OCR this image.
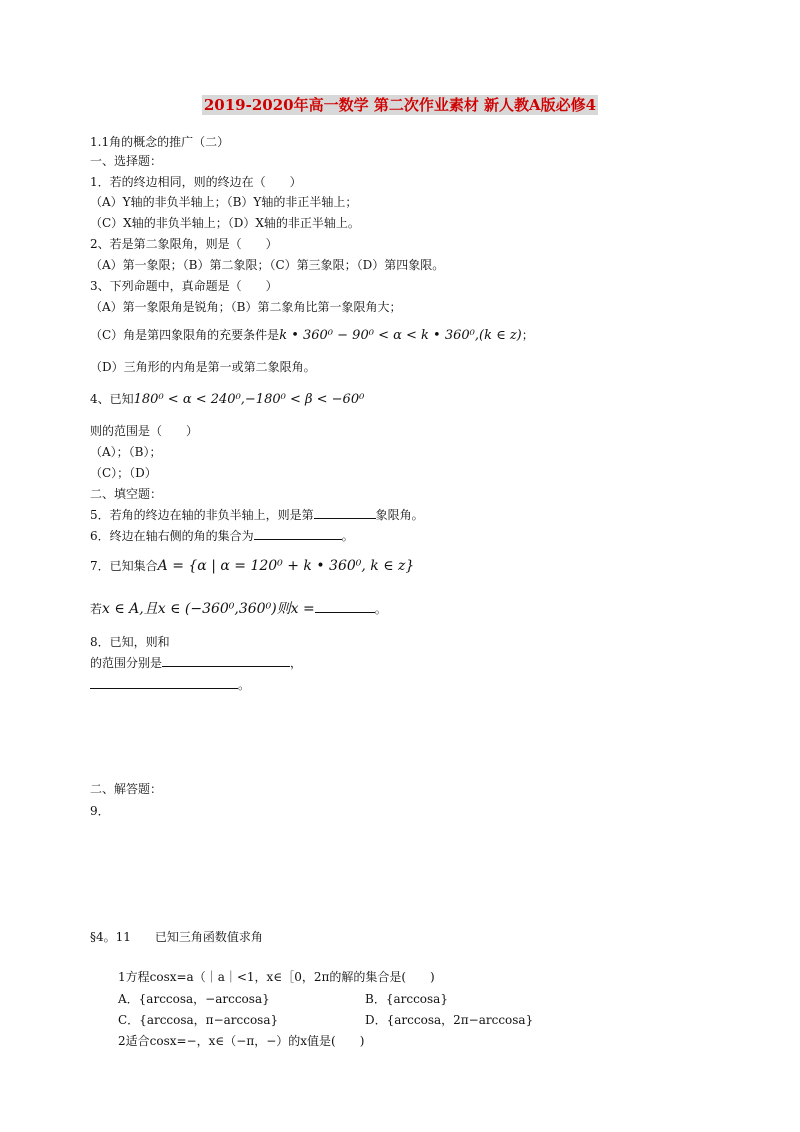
2019-2020年高一数学 第二次作业素材 新人教A版必修4
1.1角的概念的推广（二）
一、选择题：
1．若的终边相同，则的终边在（　　）
（A）Y轴的非负半轴上；（B）Y轴的非正半轴上；
（C）X轴的非负半轴上；（D）X轴的非正半轴上。
2、若是第二象限角，则是（　　）
（A）第一象限；（B）第二象限；（C）第三象限；（D）第四象限。
3、下列命题中，真命题是（　　）
（A）第一象限角是锐角；（B）第二象角比第一象限角大；
（C）角是第四象限角的充要条件是k • 360⁰ − 90⁰ < α < k • 360⁰,(k ∈ z)；
（D）三角形的内角是第一或第二象限角。
4、已知180⁰ < α < 240⁰,−180⁰ < β < −60⁰
则的范围是（　　）
（A）；（B）；
（C）；（D）
二、填空题：
5．若角的终边在轴的非负半轴上，则是第	象限角。
6．终边在轴右侧的角的集合为	。
7．已知集合A = {α | α = 120⁰ + k • 360⁰, k ∈ z}
若x ∈ A,且x ∈ (−360⁰,360⁰)则x =	。
8．已知，则和
的范围分别是	，
。
二、解答题：
9．
§4。11　　已知三角函数值求角
1方程cosx=a（｜a｜<1，x∈［0，2π的解的集合是(　　)
A．{arccosa，−arccosa}	B．{arccosa}
C．{arccosa，π−arccosa}	D．{arccosa，2π−arccosa}
2适合cosx=−，x∈（−π，−）的x值是(　　)
